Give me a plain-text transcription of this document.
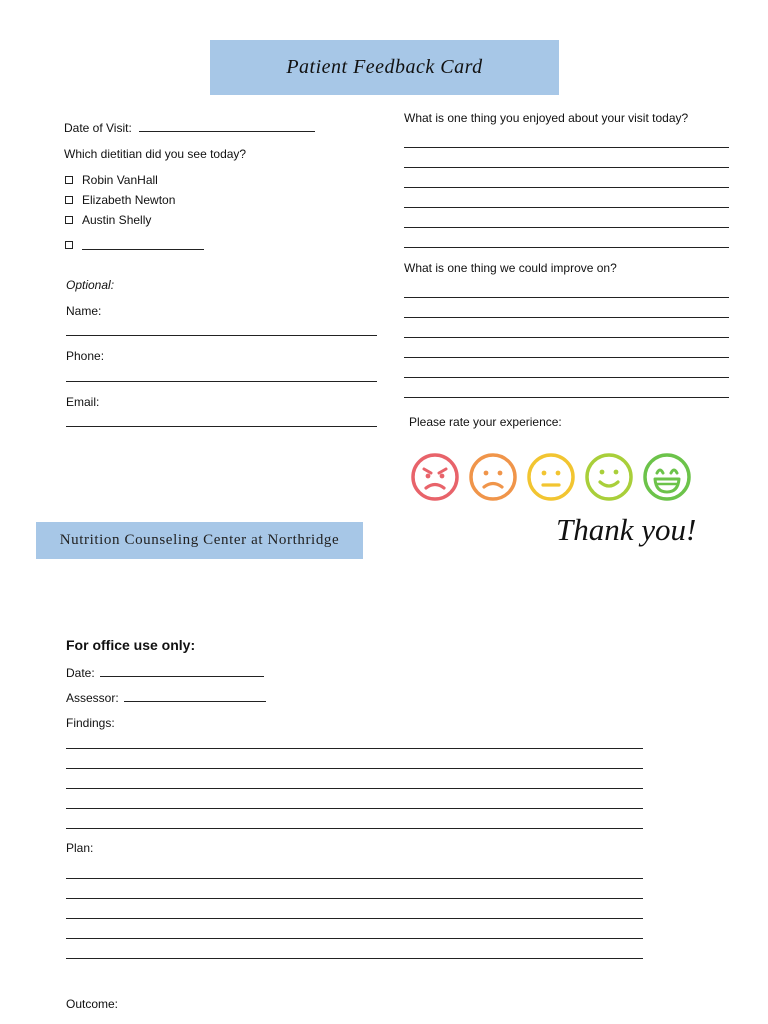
Patient Feedback Card
Date of Visit:
Which dietitian did you see today?
Robin VanHall
Elizabeth Newton
Austin Shelly
Optional:
Name:
Phone:
Email:
What is one thing you enjoyed about your visit today?
What is one thing we could improve on?
Please rate your experience:
Thank you!
Nutrition Counseling Center at Northridge
For office use only:
Date:
Assessor:
Findings:
Plan:
Outcome:
